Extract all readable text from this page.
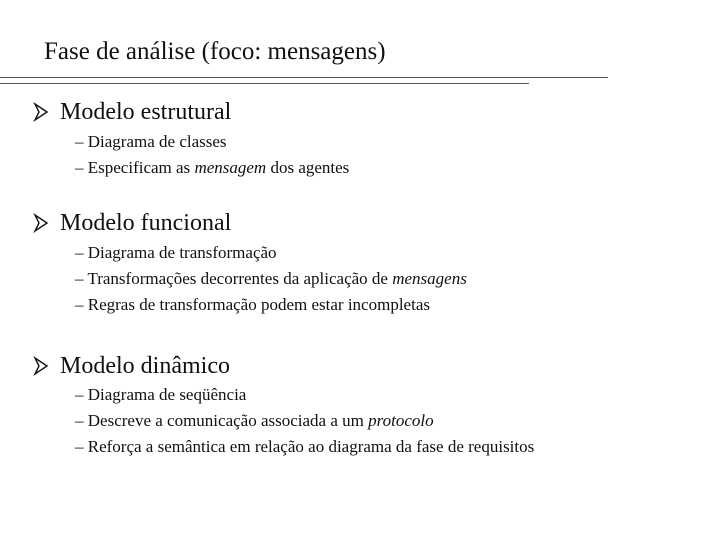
Fase de análise (foco: mensagens)
Modelo estrutural
– Diagrama de classes
– Especificam as mensagem dos agentes
Modelo funcional
– Diagrama de transformação
– Transformações decorrentes da aplicação de mensagens
– Regras de transformação podem estar incompletas
Modelo dinâmico
– Diagrama de seqüência
– Descreve a comunicação associada a um protocolo
– Reforça a semântica em relação ao diagrama da fase de requisitos
